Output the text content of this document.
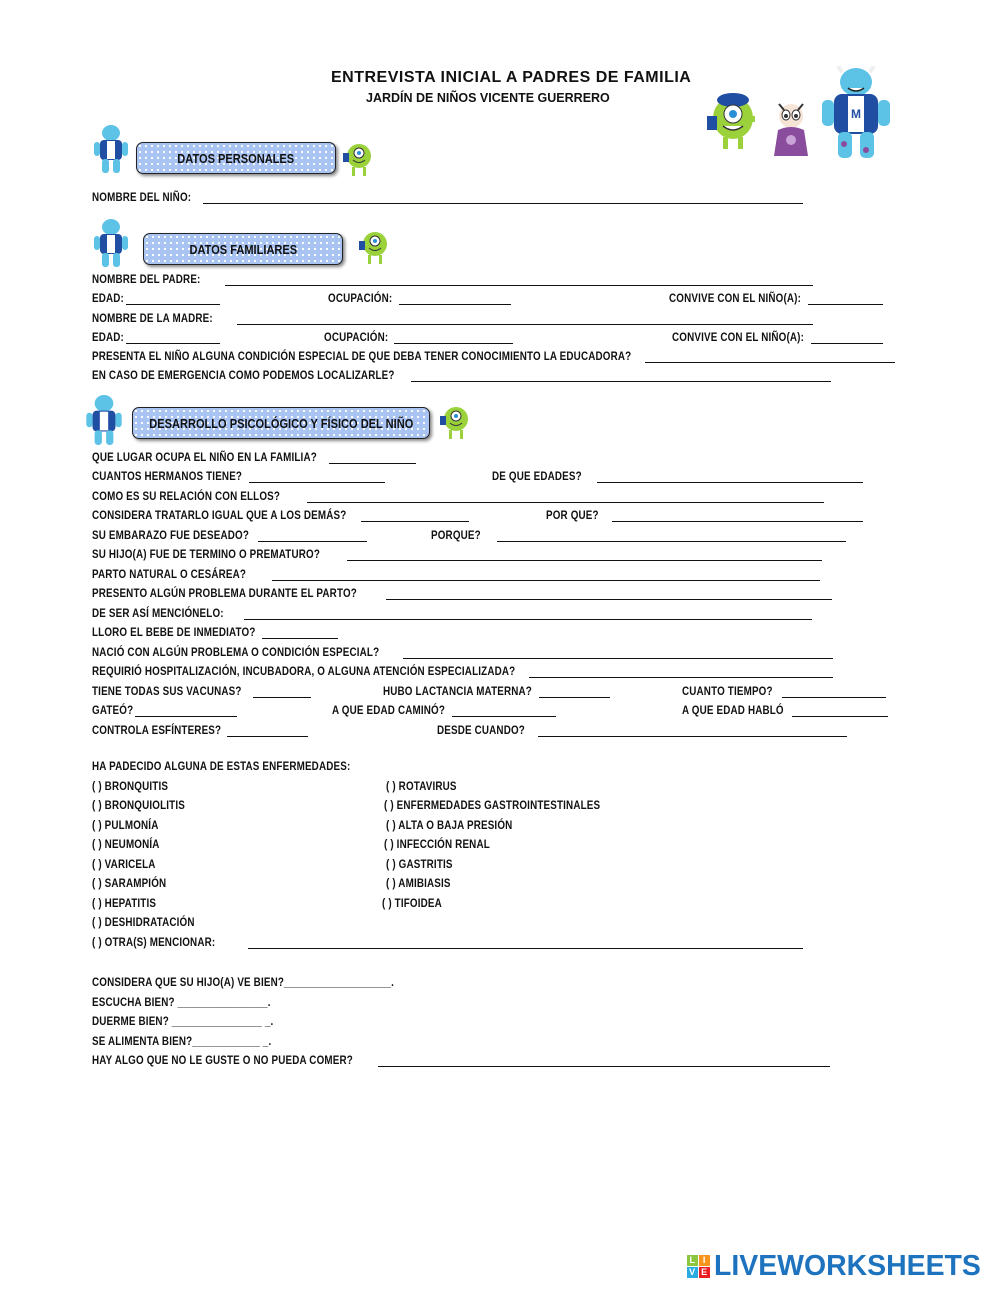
ENTREVISTA INICIAL A PADRES DE FAMILIA
JARDÍN DE NIÑOS VICENTE GUERRERO
M
DATOS PERSONALES
NOMBRE DEL NIÑO:
DATOS FAMILIARES
NOMBRE DEL PADRE:
EDAD:	OCUPACIÓN:	CONVIVE CON EL NIÑO(A):
NOMBRE DE LA MADRE:
EDAD:	OCUPACIÓN:	CONVIVE CON EL NIÑO(A):
PRESENTA EL NIÑO ALGUNA CONDICIÓN ESPECIAL DE QUE DEBA TENER CONOCIMIENTO LA EDUCADORA?
EN CASO DE EMERGENCIA COMO PODEMOS LOCALIZARLE?
DESARROLLO PSICOLÓGICO Y FÍSICO DEL NIÑO
QUE LUGAR OCUPA EL NIÑO EN LA FAMILIA?
CUANTOS HERMANOS TIENE?	DE QUE EDADES?
COMO ES SU RELACIÓN CON ELLOS?
CONSIDERA TRATARLO IGUAL QUE A LOS DEMÁS?	POR QUE?
SU EMBARAZO FUE DESEADO?	PORQUE?
SU HIJO(A) FUE DE TERMINO O PREMATURO?
PARTO NATURAL O CESÁREA?
PRESENTO ALGÚN PROBLEMA DURANTE EL PARTO?
DE SER ASÍ MENCIÓNELO:
LLORO EL BEBE DE INMEDIATO?
NACIÓ CON ALGÚN PROBLEMA O CONDICIÓN ESPECIAL?
REQUIRIÓ HOSPITALIZACIÓN, INCUBADORA, O ALGUNA ATENCIÓN ESPECIALIZADA?
TIENE TODAS SUS VACUNAS?	HUBO LACTANCIA MATERNA?	CUANTO TIEMPO?
GATEÓ?	A QUE EDAD CAMINÓ?	A QUE EDAD HABLÓ
CONTROLA ESFÍNTERES?	DESDE CUANDO?
HA PADECIDO ALGUNA DE ESTAS ENFERMEDADES:
( ) BRONQUITIS
( ) BRONQUIOLITIS
( ) PULMONÍA
( ) NEUMONÍA
( ) VARICELA
( ) SARAMPIÓN
( ) HEPATITIS
( ) DESHIDRATACIÓN
( ) ROTAVIRUS
( ) ENFERMEDADES GASTROINTESTINALES
( ) ALTA O BAJA PRESIÓN
( ) INFECCIÓN RENAL
( ) GASTRITIS
( ) AMIBIASIS
( ) TIFOIDEA
( ) OTRA(S) MENCIONAR:
CONSIDERA QUE SU HIJO(A) VE BIEN?___________________.
ESCUCHA BIEN? ________________.
DUERME BIEN? ________________ _.
SE ALIMENTA BIEN?____________ _.
HAY ALGO QUE NO LE GUSTE O NO PUEDA COMER?
L I
V E LIVEWORKSHEETS
